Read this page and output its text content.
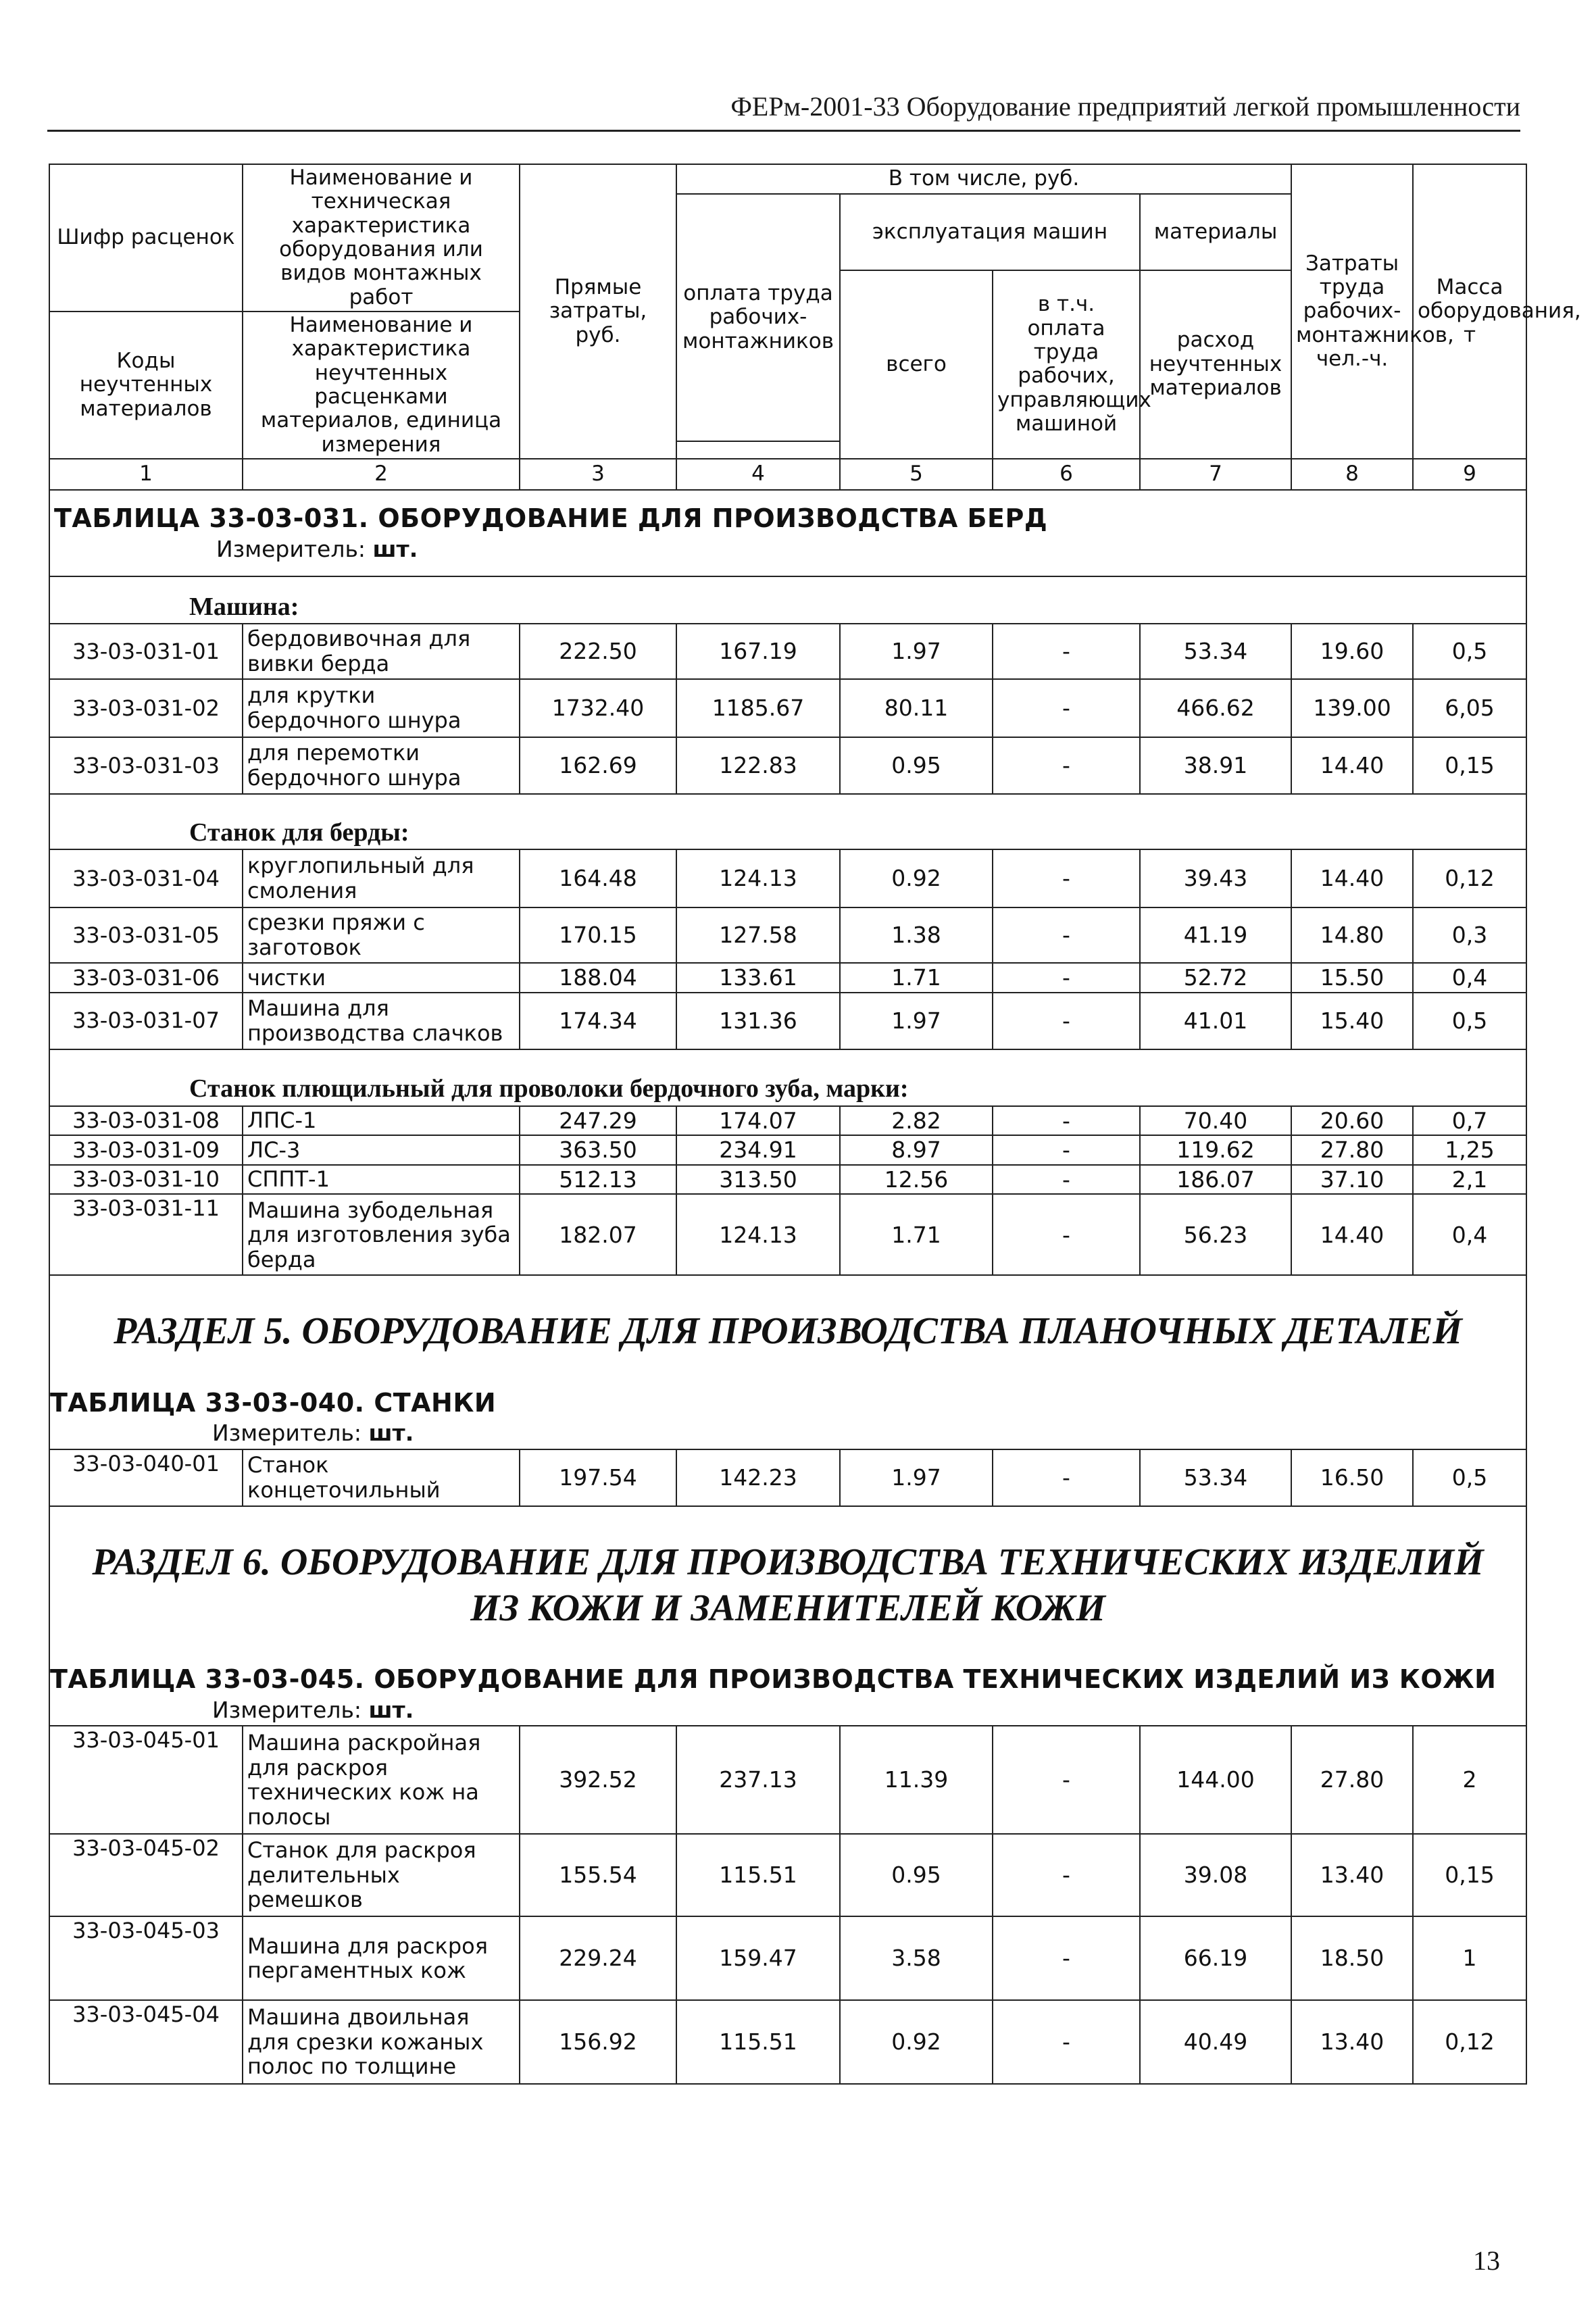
ФЕРм-2001-33 Оборудование предприятий легкой промышленности
Шифр расценок	Наименование и техническая характеристика оборудования или видов монтажных работ	Прямые затраты, руб.	В том числе, руб.				Затраты труда рабочих-монтажников, чел.-ч.	Масса оборудования, т
			оплата труда рабочих-монтажников	эксплуатация машин		материалы		
				всего	в т.ч. оплата труда рабочих, управляющих машиной	расход неучтенных материалов		
Коды неучтенных материалов	Наименование и характеристика неучтенных расценками материалов, единица измерения							

1	2	3	4	5	6	7	8	9

ТАБЛИЦА 33-03-031. ОБОРУДОВАНИЕ ДЛЯ ПРОИЗВОДСТВА БЕРД
Измеритель: шт.								

Машина:								

33-03-031-01	бердовивочная для вивки берда	222.50	167.19	1.97	-	53.34	19.60	0,5
33-03-031-02	для крутки бердочного шнура	1732.40	1185.67	80.11	-	466.62	139.00	6,05
33-03-031-03	для перемотки бердочного шнура	162.69	122.83	0.95	-	38.91	14.40	0,15

Станок для берды:								

33-03-031-04	круглопильный для смоления	164.48	124.13	0.92	-	39.43	14.40	0,12
33-03-031-05	срезки пряжи с заготовок	170.15	127.58	1.38	-	41.19	14.80	0,3
33-03-031-06	чистки	188.04	133.61	1.71	-	52.72	15.50	0,4
33-03-031-07	Машина для производства слачков	174.34	131.36	1.97	-	41.01	15.40	0,5

Станок плющильный для проволоки бердочного зуба, марки:								

33-03-031-08	ЛПС-1	247.29	174.07	2.82	-	70.40	20.60	0,7
33-03-031-09	ЛС-3	363.50	234.91	8.97	-	119.62	27.80	1,25
33-03-031-10	СППТ-1	512.13	313.50	12.56	-	186.07	37.10	2,1
33-03-031-11	Машина зубодельная для изготовления зуба берда	182.07	124.13	1.71	-	56.23	14.40	0,4

РАЗДЕЛ 5. ОБОРУДОВАНИЕ ДЛЯ ПРОИЗВОДСТВА ПЛАНОЧНЫХ ДЕТАЛЕЙ
ТАБЛИЦА 33-03-040. СТАНКИ
Измеритель: шт.								

33-03-040-01	Станок концеточильный	197.54	142.23	1.97	-	53.34	16.50	0,5

РАЗДЕЛ 6. ОБОРУДОВАНИЕ ДЛЯ ПРОИЗВОДСТВА ТЕХНИЧЕСКИХ ИЗДЕЛИЙ ИЗ КОЖИ И ЗАМЕНИТЕЛЕЙ КОЖИ
ТАБЛИЦА 33-03-045. ОБОРУДОВАНИЕ ДЛЯ ПРОИЗВОДСТВА ТЕХНИЧЕСКИХ ИЗДЕЛИЙ ИЗ КОЖИ
Измеритель: шт.								

33-03-045-01	Машина раскройная для раскроя технических кож на полосы	392.52	237.13	11.39	-	144.00	27.80	2
33-03-045-02	Станок для раскроя делительных ремешков	155.54	115.51	0.95	-	39.08	13.40	0,15
33-03-045-03	Машина для раскроя пергаментных кож	229.24	159.47	3.58	-	66.19	18.50	1
33-03-045-04	Машина двоильная для срезки кожаных полос по толщине	156.92	115.51	0.92	-	40.49	13.40	0,12
13
